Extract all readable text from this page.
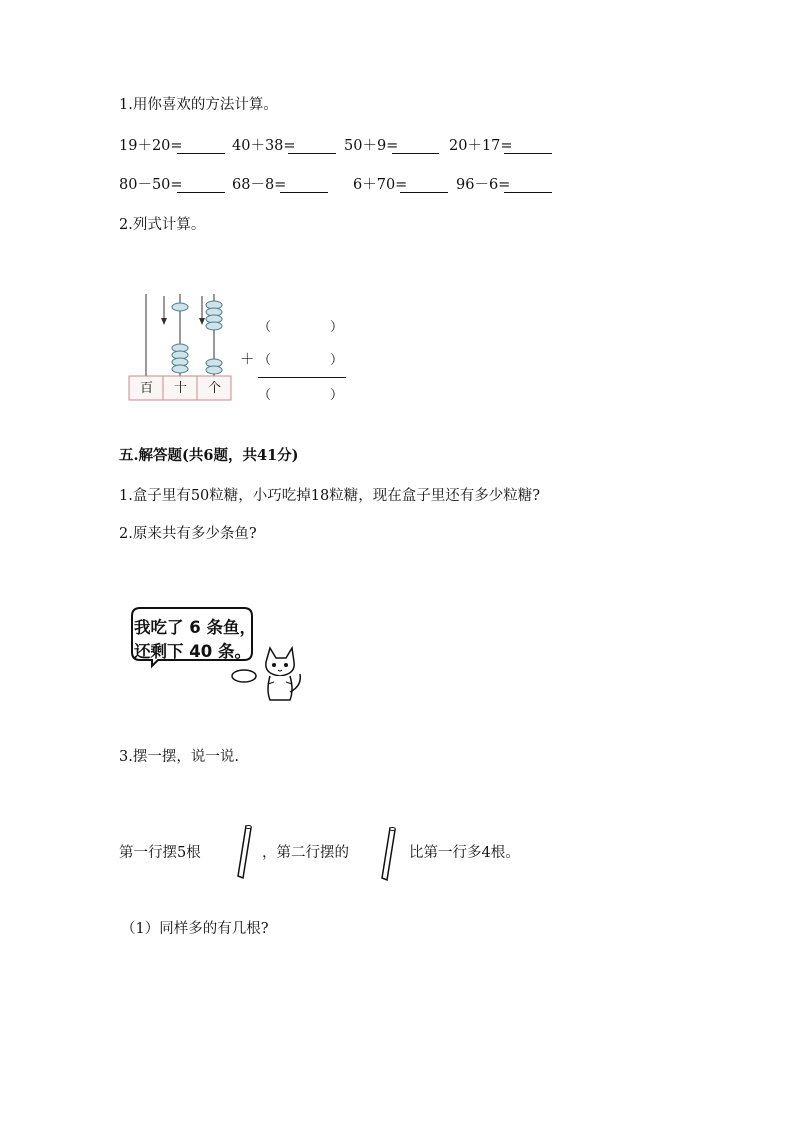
1.用你喜欢的方法计算。
19＋20=	40＋38=	50＋9=	20＋17=
80－50=	68－8=	6＋70=	96－6=
2.列式计算。
百 十 个
（	）
＋ （	）
（	）
五.解答题(共6题，共41分)
1.盒子里有50粒糖，小巧吃掉18粒糖，现在盒子里还有多少粒糖?
2.原来共有多少条鱼?
我吃了 6 条鱼，
还剩下 40 条。
3.摆一摆，说一说.
第一行摆5根	，第二行摆的	比第一行多4根。
（1）同样多的有几根?
